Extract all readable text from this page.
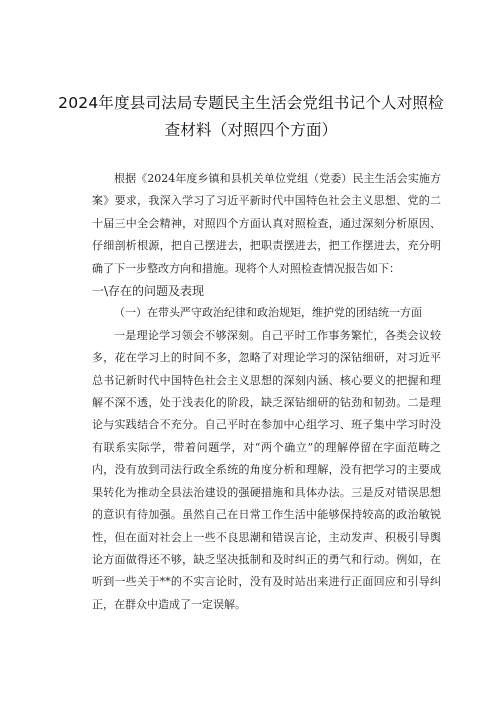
2024年度县司法局专题民主生活会党组书记个人对照检查材料（对照四个方面）

根据《2024年度乡镇和县机关单位党组（党委）民主生活会实施方案》要求，我深入学习了习近平新时代中国特色社会主义思想、党的二十届三中全会精神，对照四个方面认真对照检查，通过深刻分析原因、仔细剖析根源，把自己摆进去，把职责摆进去，把工作摆进去，充分明确了下一步整改方向和措施。现将个人对照检查情况报告如下：

一\存在的问题及表现

（一）在带头严守政治纪律和政治规矩，维护党的团结统一方面

一是理论学习领会不够深刻。自己平时工作事务繁忙，各类会议较多，花在学习上的时间不多，忽略了对理论学习的深钻细研，对习近平总书记新时代中国特色社会主义思想的深刻内涵、核心要义的把握和理解不深不透，处于浅表化的阶段，缺乏深钻细研的钻劲和韧劲。二是理论与实践结合不充分。自己平时在参加中心组学习、班子集中学习时没有联系实际学，带着问题学，对“两个确立”的理解停留在字面范畴之内，没有放到司法行政全系统的角度分析和理解，没有把学习的主要成果转化为推动全县法治建设的强硬措施和具体办法。三是反对错误思想的意识有待加强。虽然自己在日常工作生活中能够保持较高的政治敏锐性，但在面对社会上一些不良思潮和错误言论，主动发声、积极引导舆论方面做得还不够，缺乏坚决抵制和及时纠正的勇气和行动。例如，在听到一些关于**的不实言论时，没有及时站出来进行正面回应和引导纠正，在群众中造成了一定误解。
